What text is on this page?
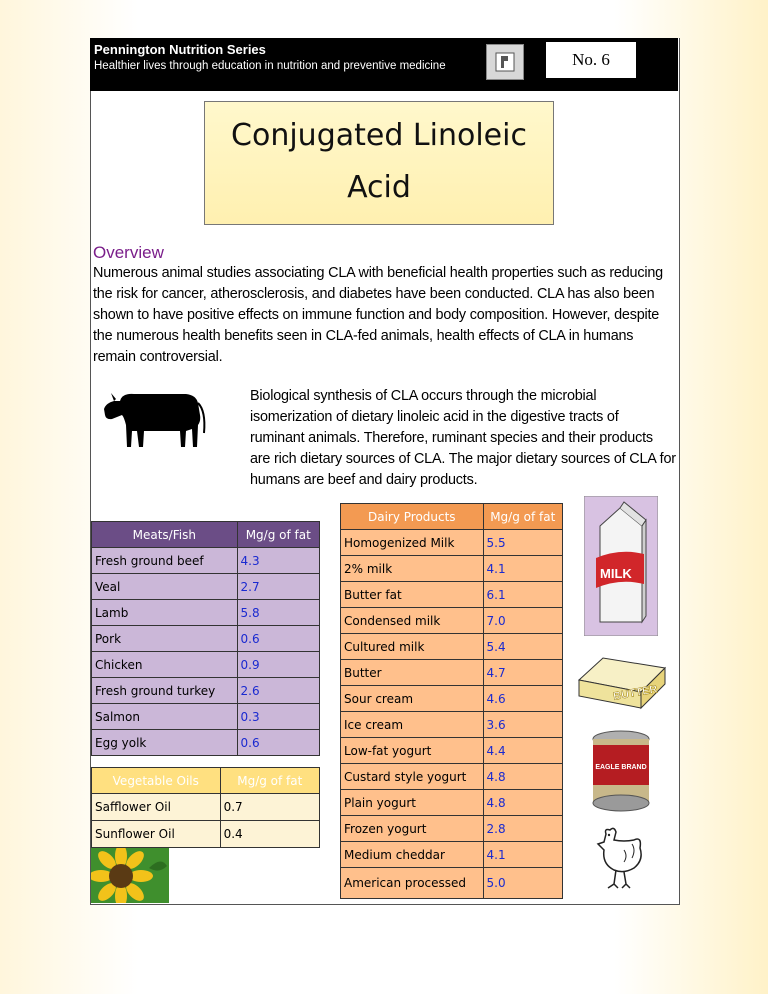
Pennington Nutrition Series
Healthier lives through education in nutrition and preventive medicine	No. 6
Conjugated Linoleic
Acid
Overview
Numerous animal studies associating CLA with beneficial health properties such as reducing the risk for cancer, atherosclerosis, and diabetes have been conducted. CLA has also been shown to have positive effects on immune function and body composition. However, despite the numerous health benefits seen in CLA-fed animals, health effects of CLA in humans remain controversial.
Biological synthesis of CLA occurs through the microbial isomerization of dietary linoleic acid in the digestive tracts of ruminant animals. Therefore, ruminant species and their products are rich dietary sources of CLA. The major dietary sources of CLA for humans are beef and dairy products.
Meats/Fish	Mg/g of fat
Fresh ground beef	4.3
Veal	2.7
Lamb	5.8
Pork	0.6
Chicken	0.9
Fresh ground turkey	2.6
Salmon	0.3
Egg yolk	0.6
Vegetable Oils	Mg/g of fat
Safflower Oil	0.7
Sunflower Oil	0.4
Dairy Products	Mg/g of fat
Homogenized Milk	5.5
2% milk	4.1
Butter fat	6.1
Condensed milk	7.0
Cultured milk	5.4
Butter	4.7
Sour cream	4.6
Ice cream	3.6
Low-fat yogurt	4.4
Custard style yogurt	4.8
Plain yogurt	4.8
Frozen yogurt	2.8
Medium cheddar	4.1
American processed	5.0
MILK
BUTTER
EAGLE BRAND
